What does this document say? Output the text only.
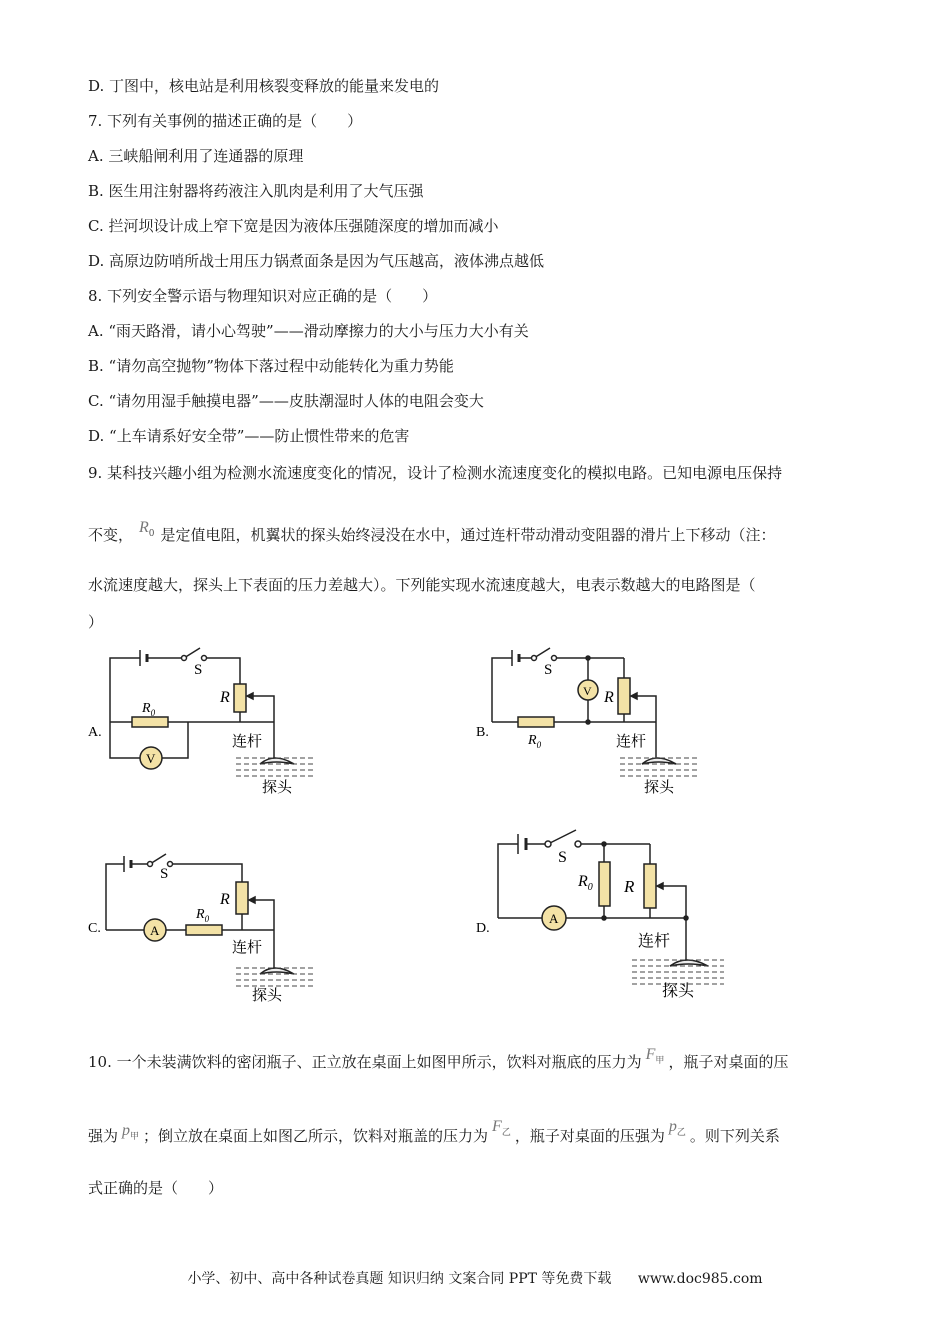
D. 丁图中，核电站是利用核裂变释放的能量来发电的
7. 下列有关事例的描述正确的是（　　）
A. 三峡船闸利用了连通器的原理
B. 医生用注射器将药液注入肌肉是利用了大气压强
C. 拦河坝设计成上窄下宽是因为液体压强随深度的增加而减小
D. 高原边防哨所战士用压力锅煮面条是因为气压越高，液体沸点越低
8. 下列安全警示语与物理知识对应正确的是（　　）
A. “雨天路滑，请小心驾驶”——滑动摩擦力的大小与压力大小有关
B. “请勿高空抛物”物体下落过程中动能转化为重力势能
C. “请勿用湿手触摸电器”——皮肤潮湿时人体的电阻会变大
D. “上车请系好安全带”——防止惯性带来的危害
9. 某科技兴趣小组为检测水流速度变化的情况，设计了检测水流速度变化的模拟电路。已知电源电压保持
不变， $R_0$ 是定值电阻，机翼状的探头始终浸没在水中，通过连杆带动滑动变阻器的滑片上下移动（注：
水流速度越大，探头上下表面的压力差越大）。下列能实现水流速度越大，电表示数越大的电路图是（
）
A.
S
R
$R_0$
V
连杆
探头
B.
S
R
$R_0$
V
连杆
探头
C.
S
R
$R_0$
A
连杆
探头
D.
S
R
$R_0$
A
连杆
探头
10. 一个未装满饮料的密闭瓶子、正立放在桌面上如图甲所示，饮料对瓶底的压力为 $F_甲$ ，瓶子对桌面的压
强为 $p_甲$ ；倒立放在桌面上如图乙所示，饮料对瓶盖的压力为$F_乙$ ，瓶子对桌面的压强为$p_乙$ 。则下列关系
式正确的是（　　）
小学、初中、高中各种试卷真题 知识归纳 文案合同 PPT 等免费下载 www.doc985.com
